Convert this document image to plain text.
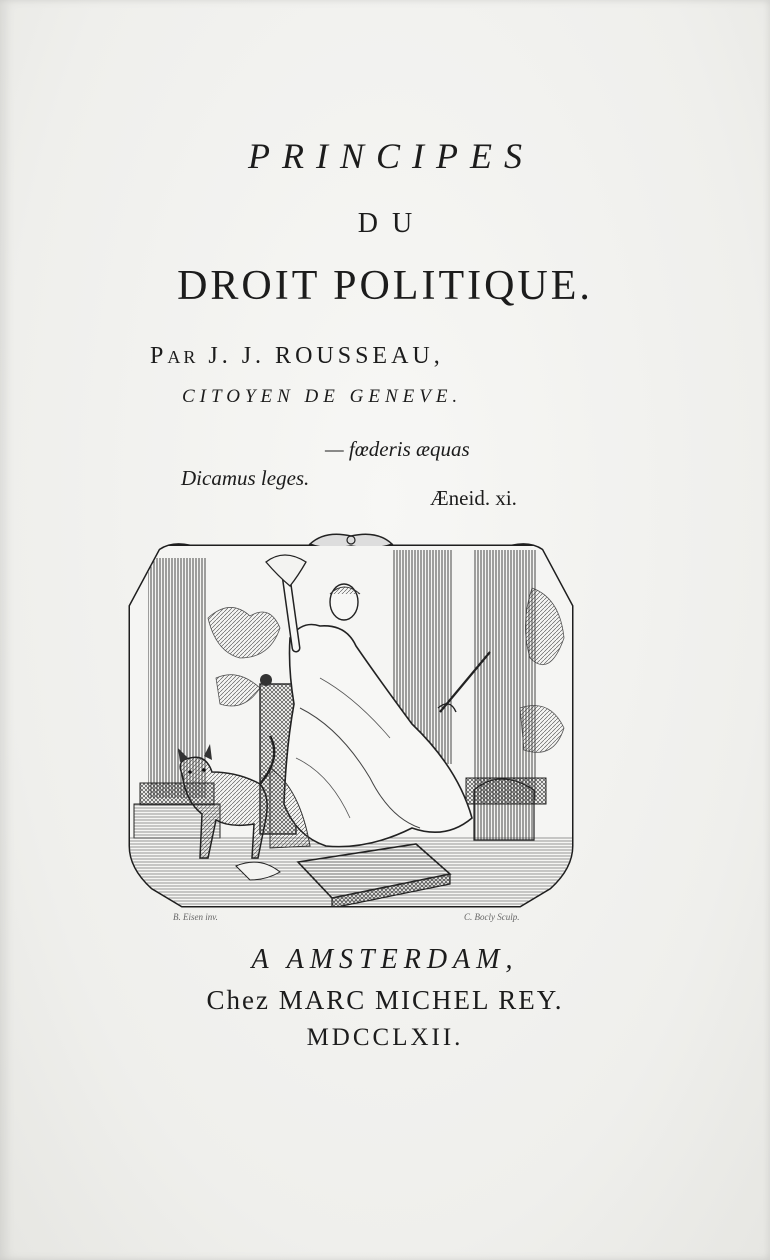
PRINCIPES
DU
DROIT POLITIQUE.
PAR J. J. ROUSSEAU,
CITOYEN DE GENEVE.
— fœderis æquas
Dicamus leges.
Æneid. xi.
B. Eisen inv.	C. Bocly Sculp.
A AMSTERDAM,
Chez MARC MICHEL REY.
MDCCLXII.
